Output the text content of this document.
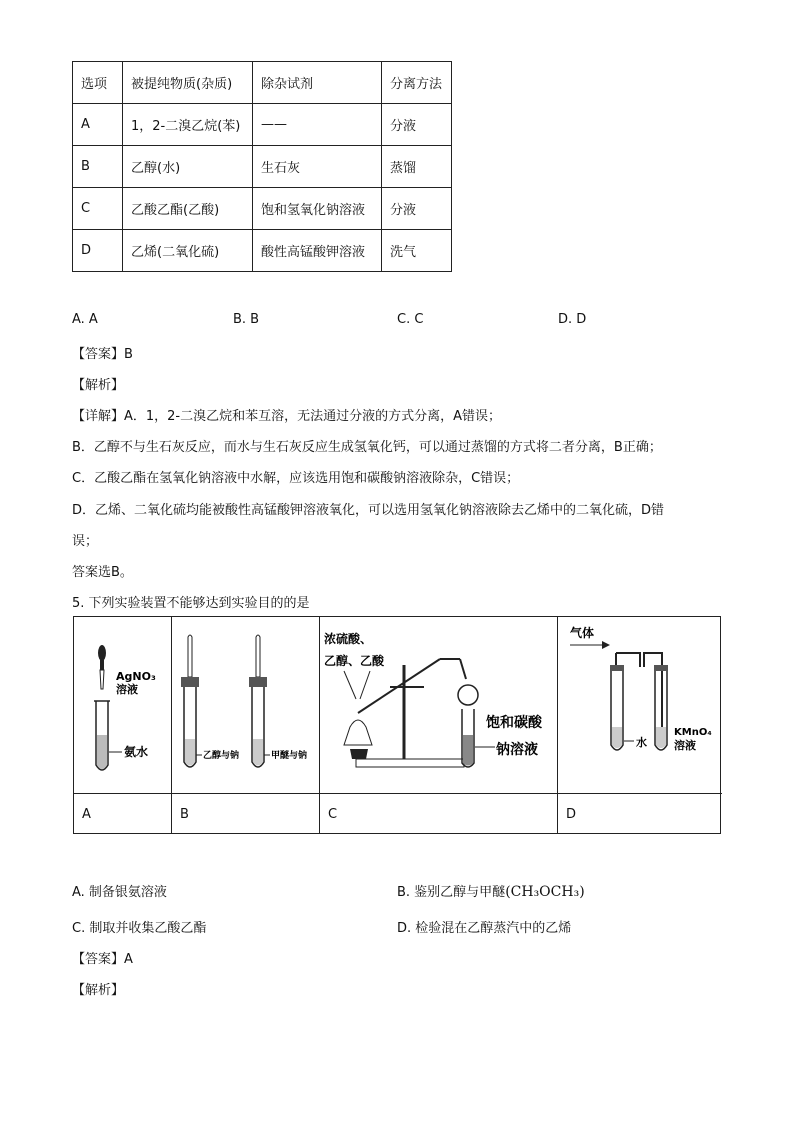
选项	被提纯物质(杂质)	除杂试剂	分离方法
A	1，2-二溴乙烷(苯)	——	分液
B	乙醇(水)	生石灰	蒸馏
C	乙酸乙酯(乙酸)	饱和氢氧化钠溶液	分液
D	乙烯(二氧化硫)	酸性高锰酸钾溶液	洗气
A. A	B. B	C. C	D. D
【答案】B
【解析】
【详解】A．1，2-二溴乙烷和苯互溶，无法通过分液的方式分离，A错误；
B．乙醇不与生石灰反应，而水与生石灰反应生成氢氧化钙，可以通过蒸馏的方式将二者分离，B正确；
C．乙酸乙酯在氢氧化钠溶液中水解，应该选用饱和碳酸钠溶液除杂，C错误；
D．乙烯、二氧化硫均能被酸性高锰酸钾溶液氧化，可以选用氢氧化钠溶液除去乙烯中的二氧化硫，D错
误；
答案选B。
5. 下列实验装置不能够达到实验目的的是
AgNO₃
溶液
氨水	乙醇与钠	甲醚与钠
浓硫酸、
乙醇、乙酸
饱和碳酸
钠溶液
气体
水
KMnO₄
溶液
A	B	C	D
A. 制备银氨溶液	B. 鉴别乙醇与甲醚(CH₃OCH₃)
C. 制取并收集乙酸乙酯	D. 检验混在乙醇蒸汽中的乙烯
【答案】A
【解析】
